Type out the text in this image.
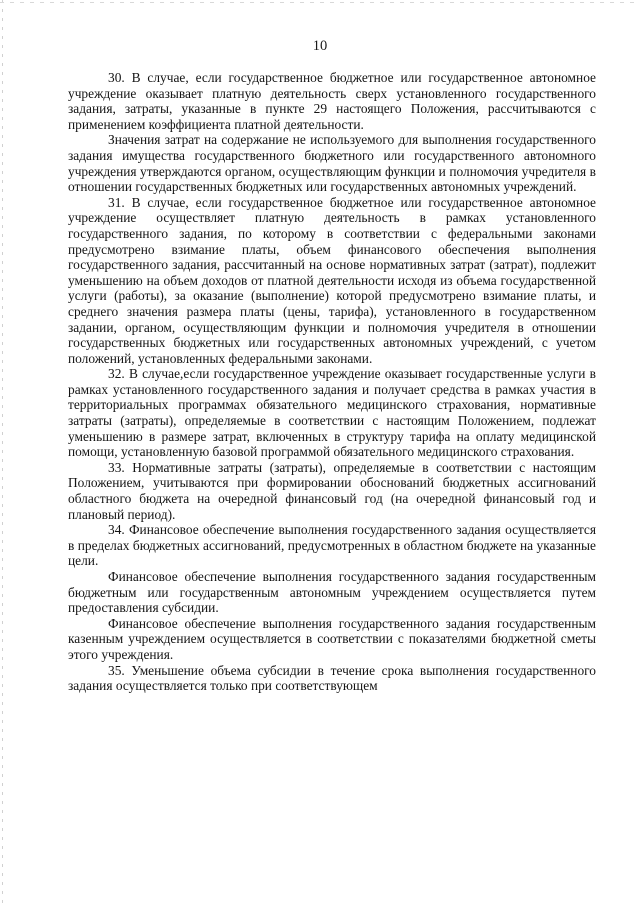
10

30. В случае, если государственное бюджетное или государственное автономное учреждение оказывает платную деятельность сверх установленного государственного задания, затраты, указанные в пункте 29 настоящего Положения, рассчитываются с применением коэффициента платной деятельности.

Значения затрат на содержание не используемого для выполнения государственного задания имущества государственного бюджетного или государственного автономного учреждения утверждаются органом, осуществляющим функции и полномочия учредителя в отношении государственных бюджетных или государственных автономных учреждений.

31. В случае, если государственное бюджетное или государственное автономное учреждение осуществляет платную деятельность в рамках установленного государственного задания, по которому в соответствии с федеральными законами предусмотрено взимание платы, объем финансового обеспечения выполнения государственного задания, рассчитанный на основе нормативных затрат (затрат), подлежит уменьшению на объем доходов от платной деятельности исходя из объема государственной услуги (работы), за оказание (выполнение) которой предусмотрено взимание платы, и среднего значения размера платы (цены, тарифа), установленного в государственном задании, органом, осуществляющим функции и полномочия учредителя в отношении государственных бюджетных или государственных автономных учреждений, с учетом положений, установленных федеральными законами.

32. В случае,если государственное учреждение оказывает государственные услуги в рамках установленного государственного задания и получает средства в рамках участия в территориальных программах обязательного медицинского страхования, нормативные затраты (затраты), определяемые в соответствии с настоящим Положением, подлежат уменьшению в размере затрат, включенных в структуру тарифа на оплату медицинской помощи, установленную базовой программой обязательного медицинского страхования.

33. Нормативные затраты (затраты), определяемые в соответствии с настоящим Положением, учитываются при формировании обоснований бюджетных ассигнований областного бюджета на очередной финансовый год (на очередной финансовый год и плановый период).

34. Финансовое обеспечение выполнения государственного задания осуществляется в пределах бюджетных ассигнований, предусмотренных в областном бюджете на указанные цели.

Финансовое обеспечение выполнения государственного задания государственным бюджетным или государственным автономным учреждением осуществляется путем предоставления субсидии.

Финансовое обеспечение выполнения государственного задания государственным казенным учреждением осуществляется в соответствии с показателями бюджетной сметы этого учреждения.

35. Уменьшение объема субсидии в течение срока выполнения государственного задания осуществляется только при соответствующем
